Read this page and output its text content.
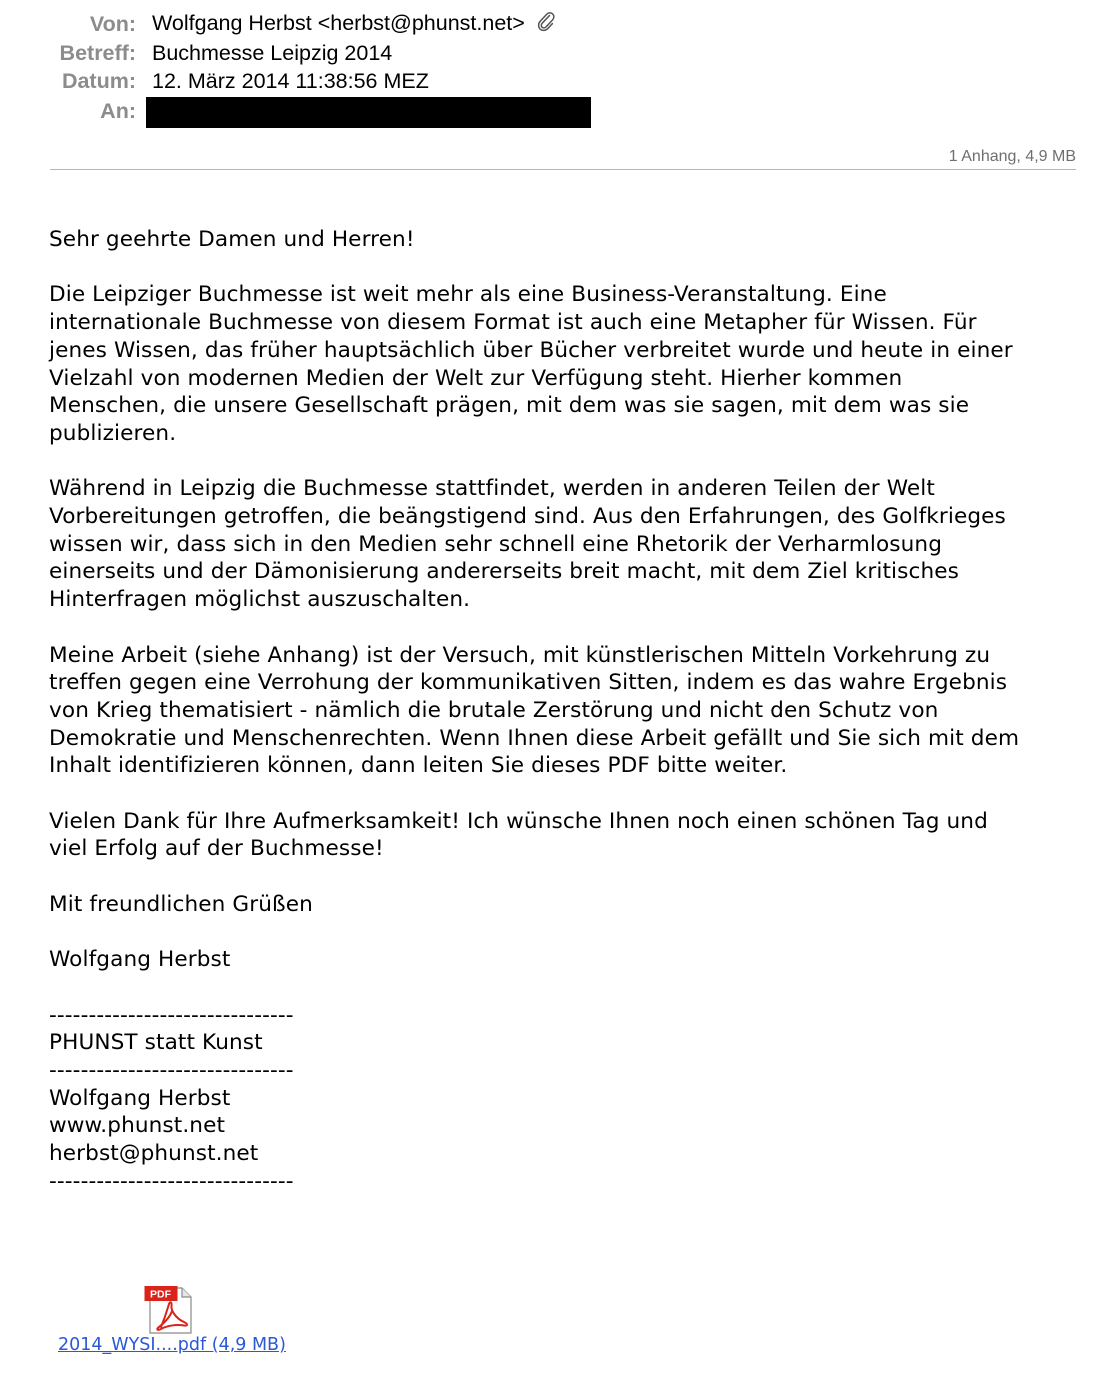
Von: Wolfgang Herbst <herbst@phunst.net>
Betreff: Buchmesse Leipzig 2014
Datum: 12. März 2014 11:38:56 MEZ
An:
1 Anhang, 4,9 MB

Sehr geehrte Damen und Herren!

Die Leipziger Buchmesse ist weit mehr als eine Business-Veranstaltung. Eine
internationale Buchmesse von diesem Format ist auch eine Metapher für Wissen. Für
jenes Wissen, das früher hauptsächlich über Bücher verbreitet wurde und heute in einer
Vielzahl von modernen Medien der Welt zur Verfügung steht. Hierher kommen
Menschen, die unsere Gesellschaft prägen, mit dem was sie sagen, mit dem was sie
publizieren.

Während in Leipzig die Buchmesse stattfindet, werden in anderen Teilen der Welt
Vorbereitungen getroffen, die beängstigend sind. Aus den Erfahrungen, des Golfkrieges
wissen wir, dass sich in den Medien sehr schnell eine Rhetorik der Verharmlosung
einerseits und der Dämonisierung andererseits breit macht, mit dem Ziel kritisches
Hinterfragen möglichst auszuschalten.

Meine Arbeit (siehe Anhang) ist der Versuch, mit künstlerischen Mitteln Vorkehrung zu
treffen gegen eine Verrohung der kommunikativen Sitten, indem es das wahre Ergebnis
von Krieg thematisiert - nämlich die brutale Zerstörung und nicht den Schutz von
Demokratie und Menschenrechten. Wenn Ihnen diese Arbeit gefällt und Sie sich mit dem
Inhalt identifizieren können, dann leiten Sie dieses PDF bitte weiter.

Vielen Dank für Ihre Aufmerksamkeit! Ich wünsche Ihnen noch einen schönen Tag und
viel Erfolg auf der Buchmesse!

Mit freundlichen Grüßen

Wolfgang Herbst

-------------------------------
PHUNST statt Kunst
-------------------------------
Wolfgang Herbst
www.phunst.net
herbst@phunst.net
-------------------------------
PDF
2014_WYSI....pdf (4,9 MB)
